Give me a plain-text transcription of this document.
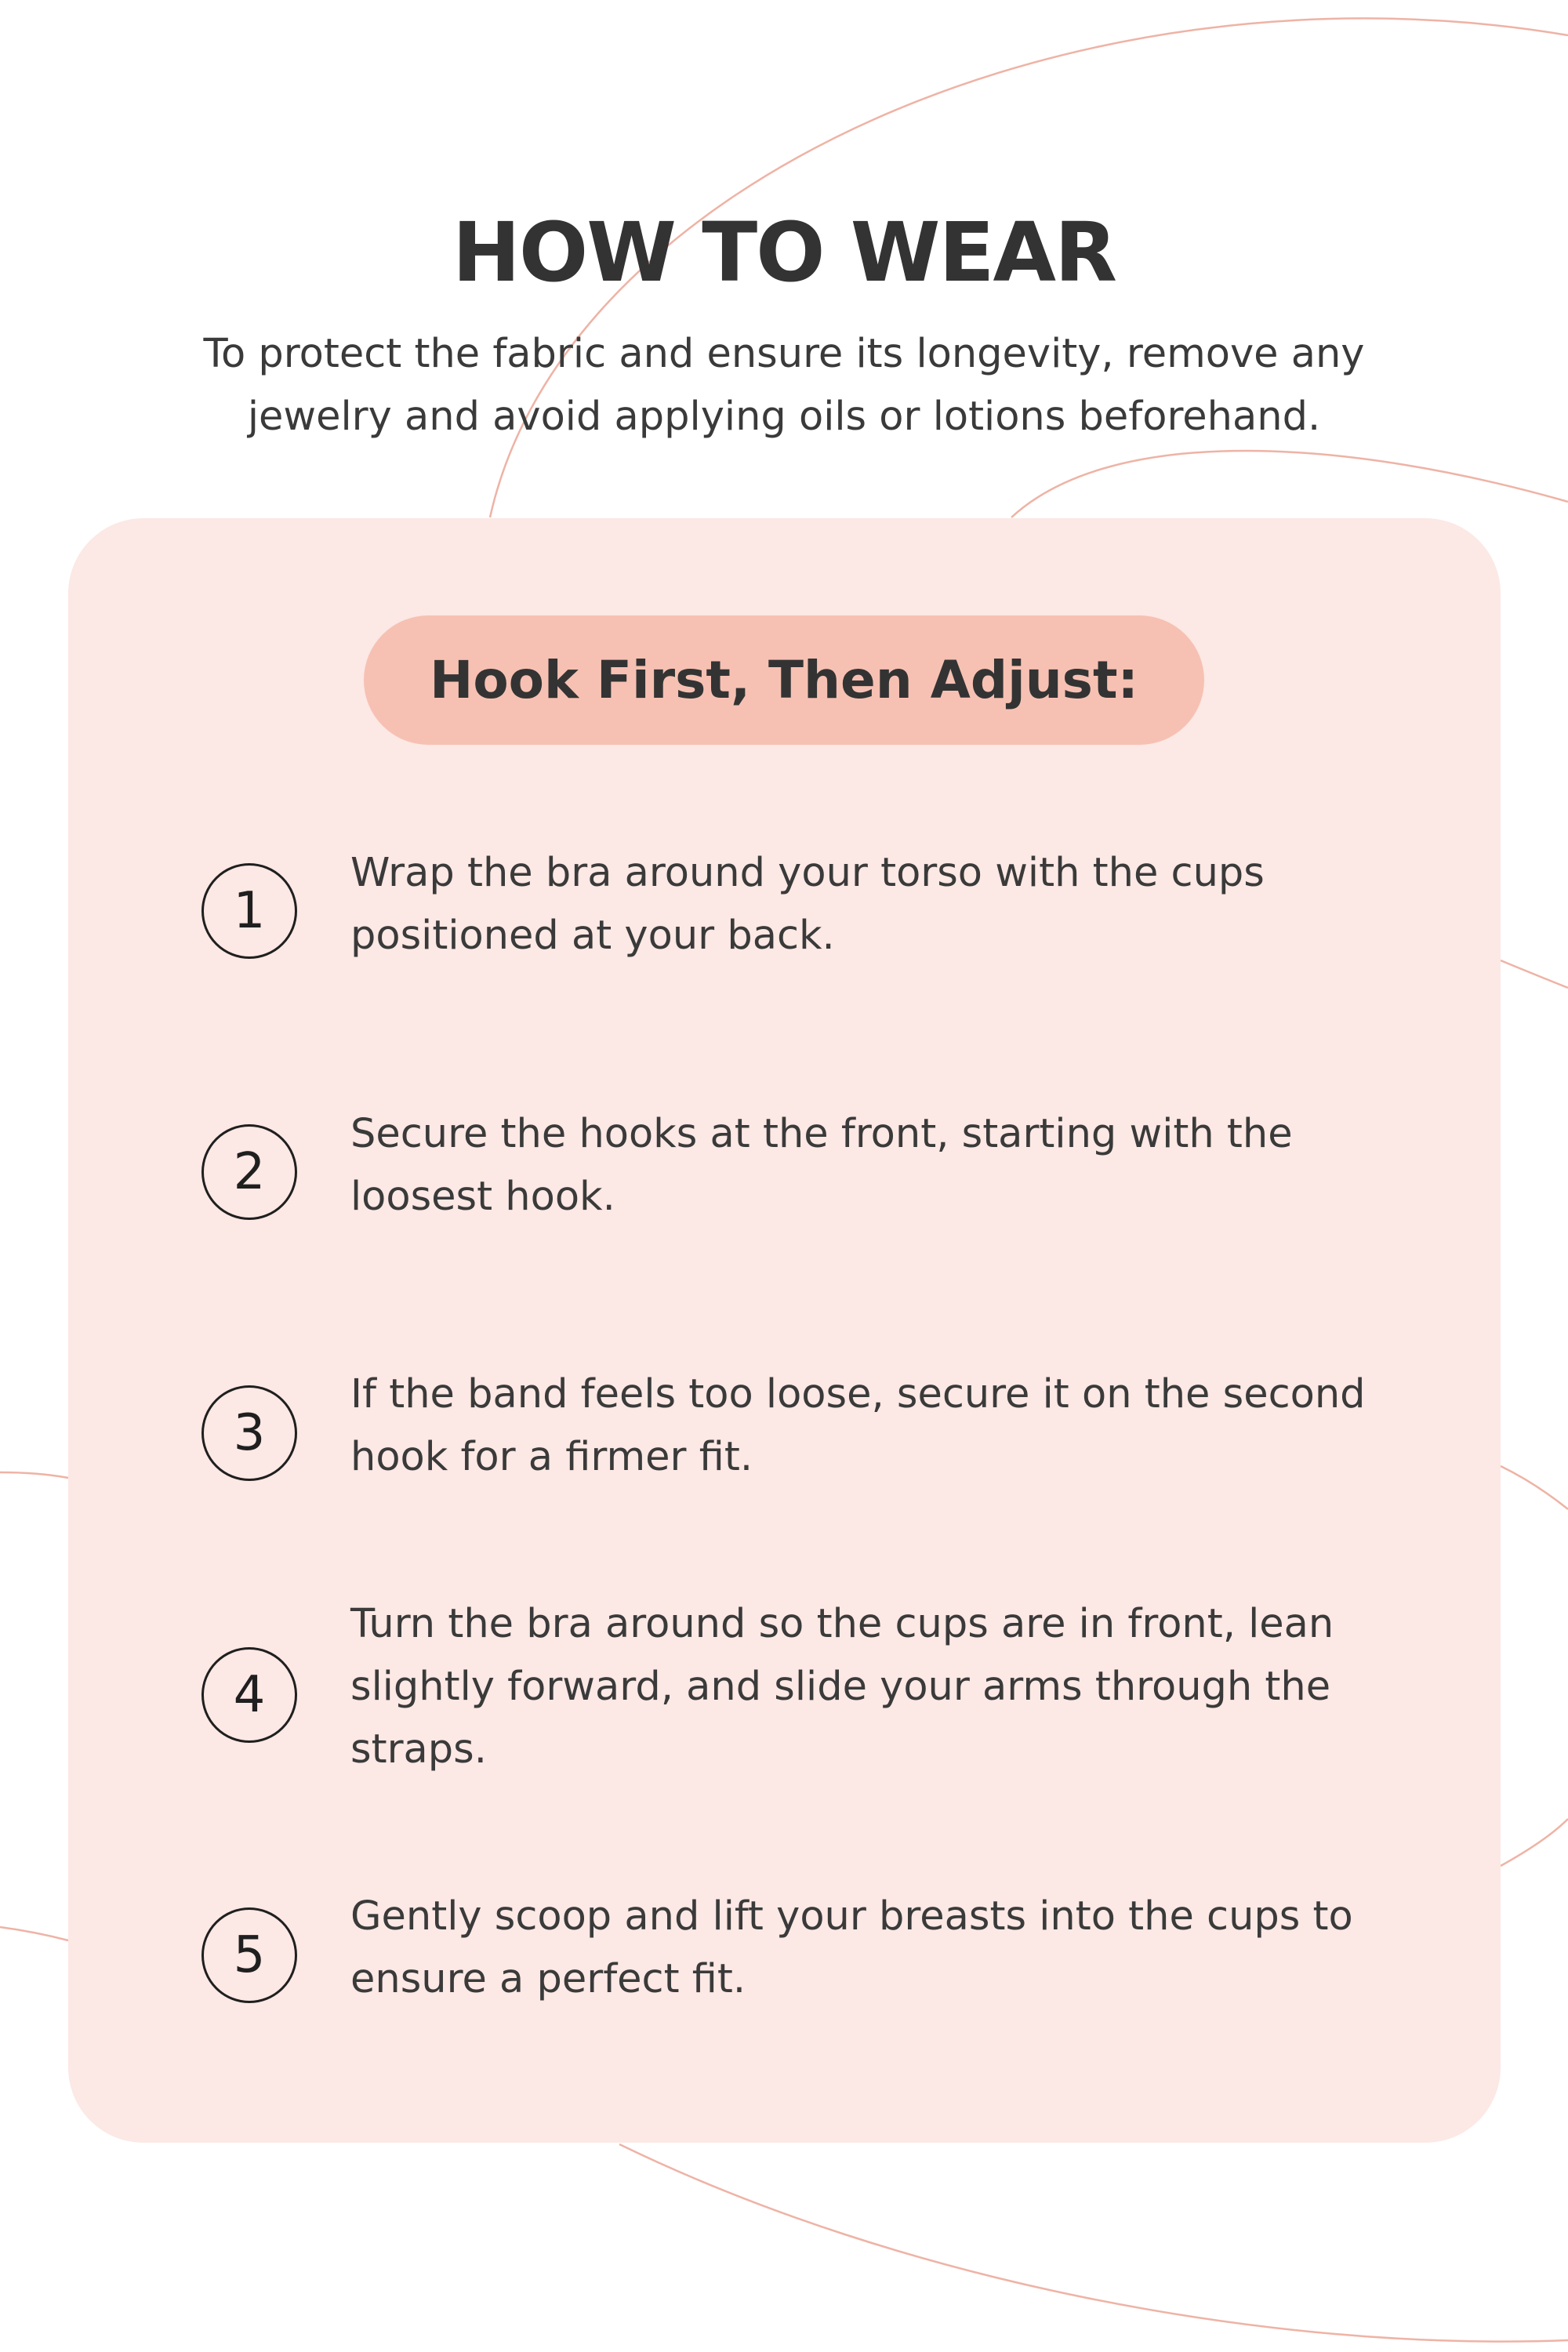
HOW TO WEAR
To protect the fabric and ensure its longevity, remove any jewelry and avoid applying oils or lotions beforehand.
Hook First, Then Adjust:
1
Wrap the bra around your torso with the cups positioned at your back.
2
Secure the hooks at the front, starting with the loosest hook.
3
If the band feels too loose, secure it on the second hook for a firmer fit.
4
Turn the bra around so the cups are in front, lean slightly forward, and slide your arms through the straps.
5
Gently scoop and lift your breasts into the cups to ensure a perfect fit.
